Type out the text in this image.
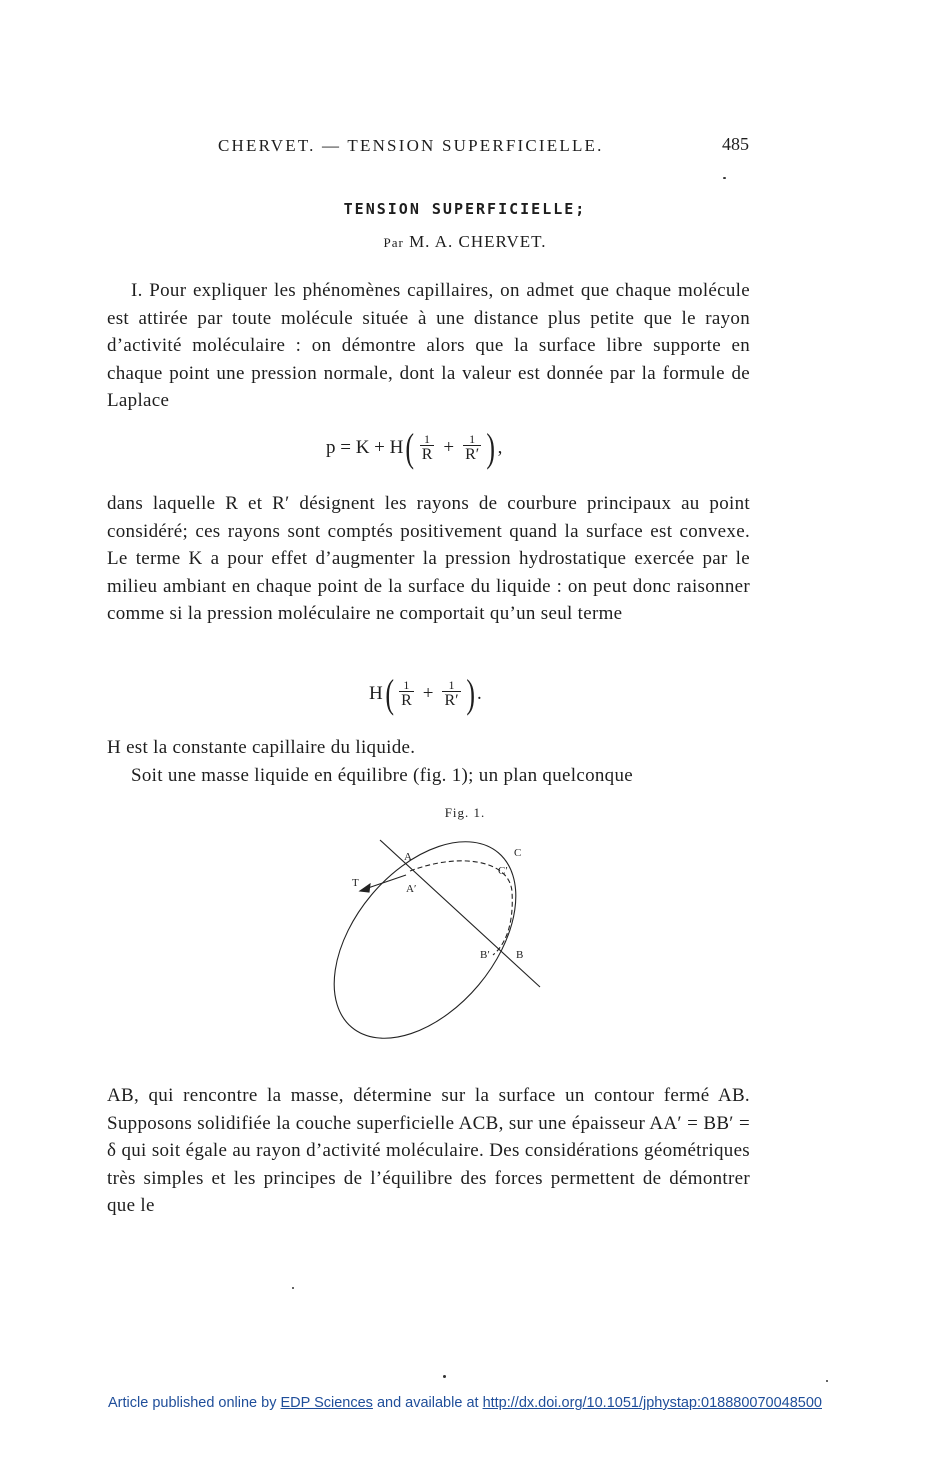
CHERVET. — TENSION SUPERFICIELLE.	485
TENSION SUPERFICIELLE;
Par M. A. CHERVET.
I. Pour expliquer les phénomènes capillaires, on admet que chaque molécule est attirée par toute molécule située à une distance plus petite que le rayon d’activité moléculaire : on démontre alors que la surface libre supporte en chaque point une pression normale, dont la valeur est donnée par la formule de Laplace
p = K + H ( $\frac{1}{R} + \frac{1}{R'}$ ) ,
dans laquelle R et R′ désignent les rayons de courbure principaux au point considéré; ces rayons sont comptés positivement quand la surface est convexe. Le terme K a pour effet d’augmenter la pression hydrostatique exercée par le milieu ambiant en chaque point de la surface du liquide : on peut donc raisonner comme si la pression moléculaire ne comportait qu’un seul terme
H ( $\frac{1}{R} + \frac{1}{R'}$ ) .
H est la constante capillaire du liquide.
Soit une masse liquide en équilibre (fig. 1); un plan quelconque
Fig. 1.
A
A′
C
C′
B′ B
T
AB, qui rencontre la masse, détermine sur la surface un contour fermé AB. Supposons solidifiée la couche superficielle ACB, sur une épaisseur AA′ = BB′ = δ qui soit égale au rayon d’activité moléculaire. Des considérations géométriques très simples et les principes de l’équilibre des forces permettent de démontrer que le
Article published online by EDP Sciences and available at http://dx.doi.org/10.1051/jphystap:018880070048500
